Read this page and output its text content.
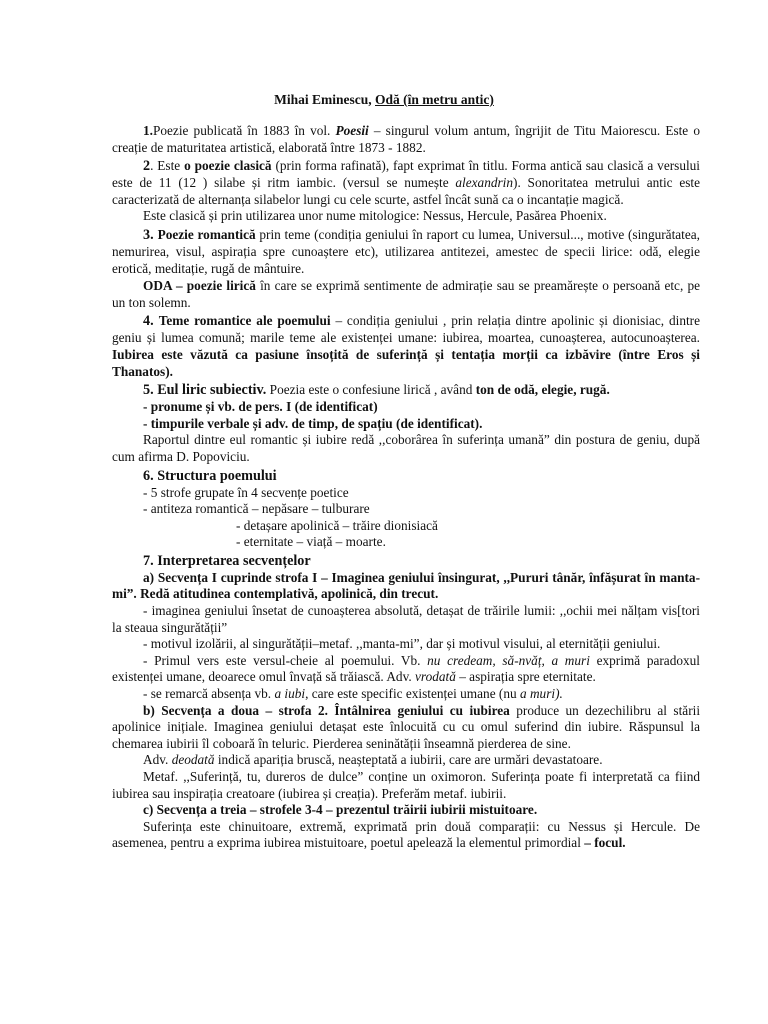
Mihai Eminescu, Odă (în metru antic)

1.Poezie publicată în 1883 în vol. Poesii – singurul volum antum, îngrijit de Titu Maiorescu. Este o creație de maturitatea artistică, elaborată între 1873 - 1882.

2. Este o poezie clasică (prin forma rafinată), fapt exprimat în titlu. Forma antică sau clasică a versului este de 11 (12 ) silabe și ritm iambic. (versul se numește alexandrin). Sonoritatea metrului antic este caracterizată de alternanța silabelor lungi cu cele scurte, astfel încât sună ca o incantație magică.

Este clasică și prin utilizarea unor nume mitologice: Nessus, Hercule, Pasărea Phoenix.

3. Poezie romantică prin teme (condiția geniului în raport cu lumea, Universul..., motive (singurătatea, nemurirea, visul, aspirația spre cunoaștere etc), utilizarea antitezei, amestec de specii lirice: odă, elegie erotică, meditație, rugă de mântuire.

ODA – poezie lirică în care se exprimă sentimente de admirație sau se preamărește o persoană etc, pe un ton solemn.

4. Teme romantice ale poemului – condiția geniului , prin relația dintre apolinic și dionisiac, dintre geniu și lumea comună; marile teme ale existenței umane: iubirea, moartea, cunoașterea, autocunoașterea. Iubirea este văzută ca pasiune însoțită de suferință și tentația morții ca izbăvire (între Eros și Thanatos).

5. Eul liric subiectiv. Poezia este o confesiune lirică , având ton de odă, elegie, rugă.

- pronume și vb. de pers. I (de identificat)

- timpurile verbale și adv. de timp, de spațiu (de identificat).

Raportul dintre eul romantic și iubire redă ,,coborârea în suferința umană” din postura de geniu, după cum afirma D. Popoviciu.

6. Structura poemului

- 5 strofe grupate în 4 secvențe poetice

- antiteza romantică – nepăsare – tulburare

- detașare apolinică – trăire dionisiacă

- eternitate – viață – moarte.

7. Interpretarea secvențelor

a) Secvența I cuprinde strofa I – Imaginea geniului însingurat, ,,Pururi tânăr, înfășurat în manta-mi”. Redă atitudinea contemplativă, apolinică, din trecut.

- imaginea geniului însetat de cunoașterea absolută, detașat de trăirile lumii: ,,ochii mei nălțam vis[tori la steaua singurătății”

- motivul izolării, al singurătății–metaf. ,,manta-mi”, dar și motivul visului, al eternității geniului.

- Primul vers este versul-cheie al poemului. Vb. nu credeam, să-nvăț, a muri exprimă paradoxul existenței umane, deoarece omul învață să trăiască. Adv. vrodată – aspirația spre eternitate.

- se remarcă absența vb. a iubi, care este specific existenței umane (nu a muri).

b) Secvența a doua – strofa 2. Întâlnirea geniului cu iubirea produce un dezechilibru al stării apolinice inițiale. Imaginea geniului detașat este înlocuită cu cu omul suferind din iubire. Răspunsul la chemarea iubirii îl coboară în teluric. Pierderea seninătății înseamnă pierderea de sine.

Adv. deodată indică apariția bruscă, neașteptată a iubirii, care are urmări devastatoare.

Metaf. ,,Suferință, tu, dureros de dulce” conține un oximoron. Suferința poate fi interpretată ca fiind iubirea sau inspirația creatoare (iubirea și creația). Preferăm metaf. iubirii.

c) Secvența a treia – strofele 3-4 – prezentul trăirii iubirii mistuitoare.

Suferința este chinuitoare, extremă, exprimată prin două comparații: cu Nessus și Hercule. De asemenea, pentru a exprima iubirea mistuitoare, poetul apelează la elementul primordial – focul.
